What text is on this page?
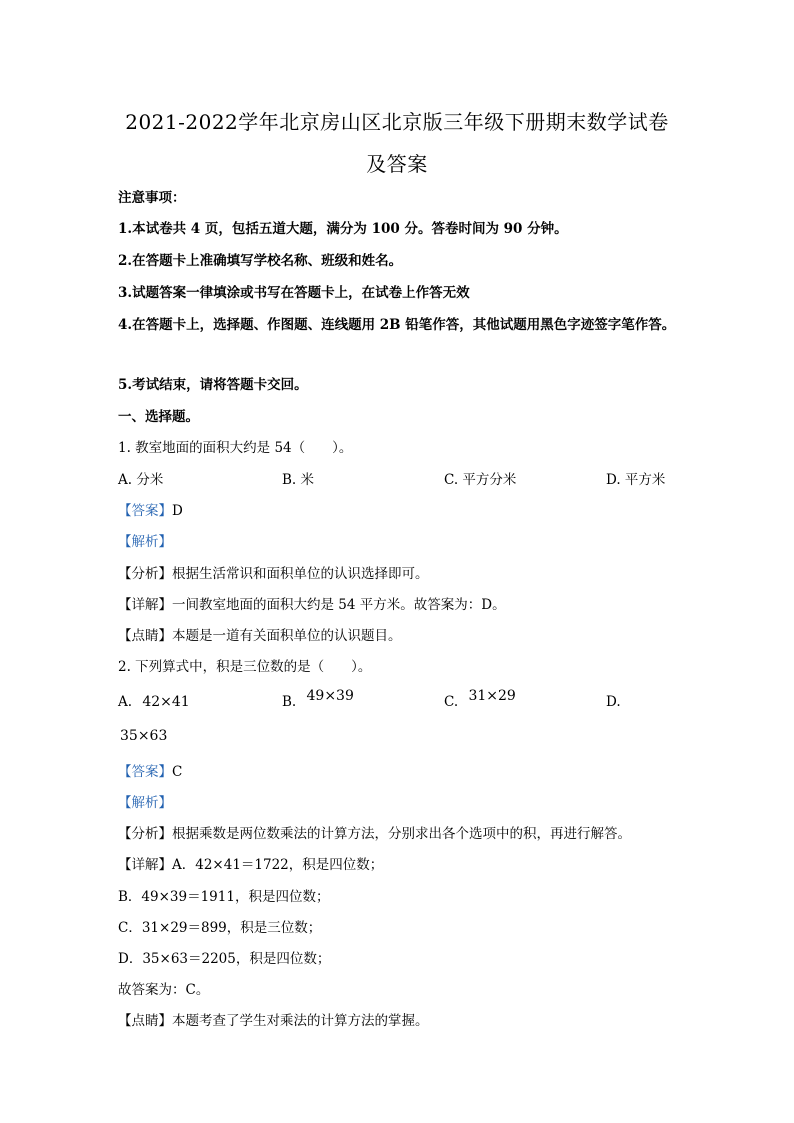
2021-2022学年北京房山区北京版三年级下册期末数学试卷
及答案
注意事项：
1.本试卷共 4 页，包括五道大题，满分为 100 分。答卷时间为 90 分钟。
2.在答题卡上准确填写学校名称、班级和姓名。
3.试题答案一律填涂或书写在答题卡上，在试卷上作答无效
4.在答题卡上，选择题、作图题、连线题用 2B 铅笔作答，其他试题用黑色字迹签字笔作答。
5.考试结束，请将答题卡交回。
一、选择题。
1. 教室地面的面积大约是 54（　　）。
A. 分米	B. 米	C. 平方分米	D. 平方米
【答案】D
【解析】
【分析】根据生活常识和面积单位的认识选择即可。
【详解】一间教室地面的面积大约是 54 平方米。故答案为：D。
【点睛】本题是一道有关面积单位的认识题目。
2. 下列算式中，积是三位数的是（　　）。
A. 42×41	B. 49×39	C. 31×29	D.
35×63
【答案】C
【解析】
【分析】根据乘数是两位数乘法的计算方法，分别求出各个选项中的积，再进行解答。
【详解】A．42×41＝1722，积是四位数；
B．49×39＝1911，积是四位数；
C．31×29＝899，积是三位数；
D．35×63＝2205，积是四位数；
故答案为：C。
【点睛】本题考查了学生对乘法的计算方法的掌握。
